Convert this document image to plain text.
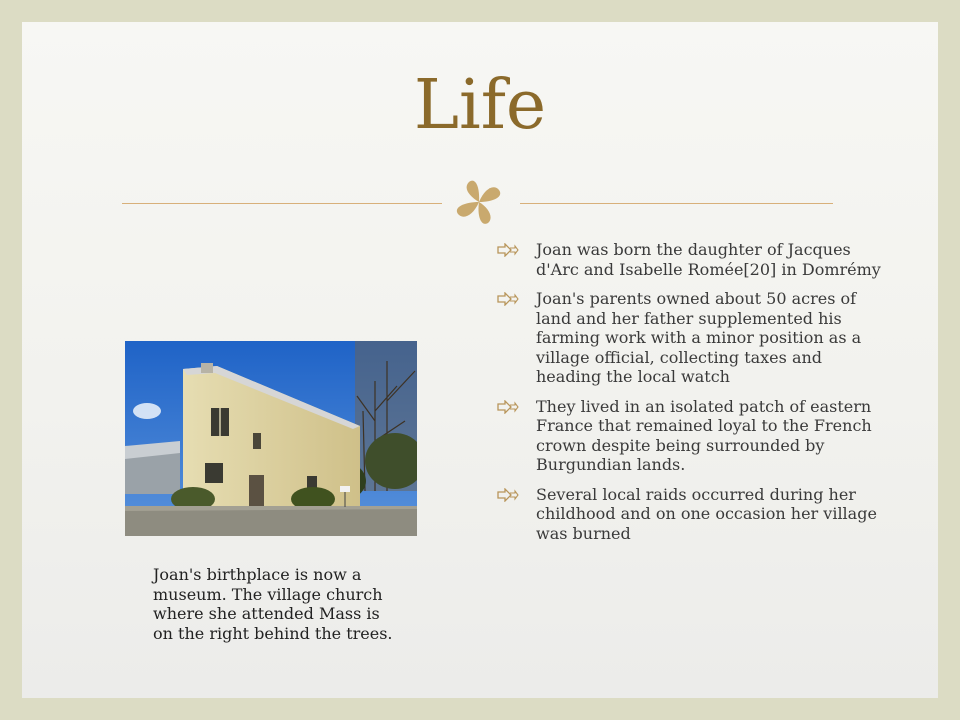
Life
Joan was born the daughter of Jacques d'Arc and Isabelle Romée[20] in Domrémy
Joan's parents owned about 50 acres of land and her father supplemented his farming work with a minor position as a village official, collecting taxes and heading the local watch
They lived in an isolated patch of eastern France that remained loyal to the French crown despite being surrounded by Burgundian lands.
Several local raids occurred during her childhood and on one occasion her village was burned
Joan's birthplace is now a museum. The village church where she attended Mass is on the right behind the trees.
